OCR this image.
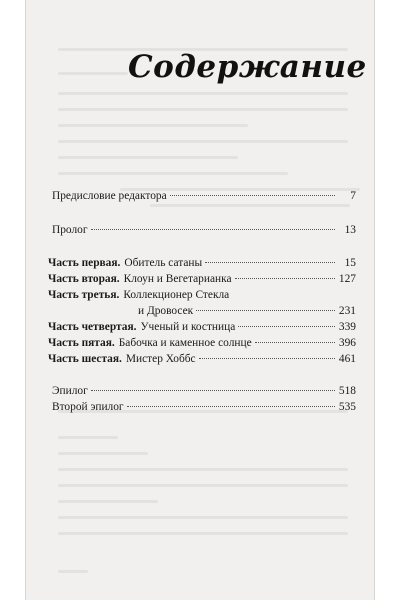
Содержание
Предисловие редактора	7
Пролог	13
Часть первая. Обитель сатаны	15
Часть вторая. Клоун и Вегетарианка	127
Часть третья. Коллекционер Стекла
и Дровосек	231
Часть четвертая. Ученый и костница	339
Часть пятая. Бабочка и каменное солнце	396
Часть шестая. Мистер Хоббс	461
Эпилог	518
Второй эпилог	535
